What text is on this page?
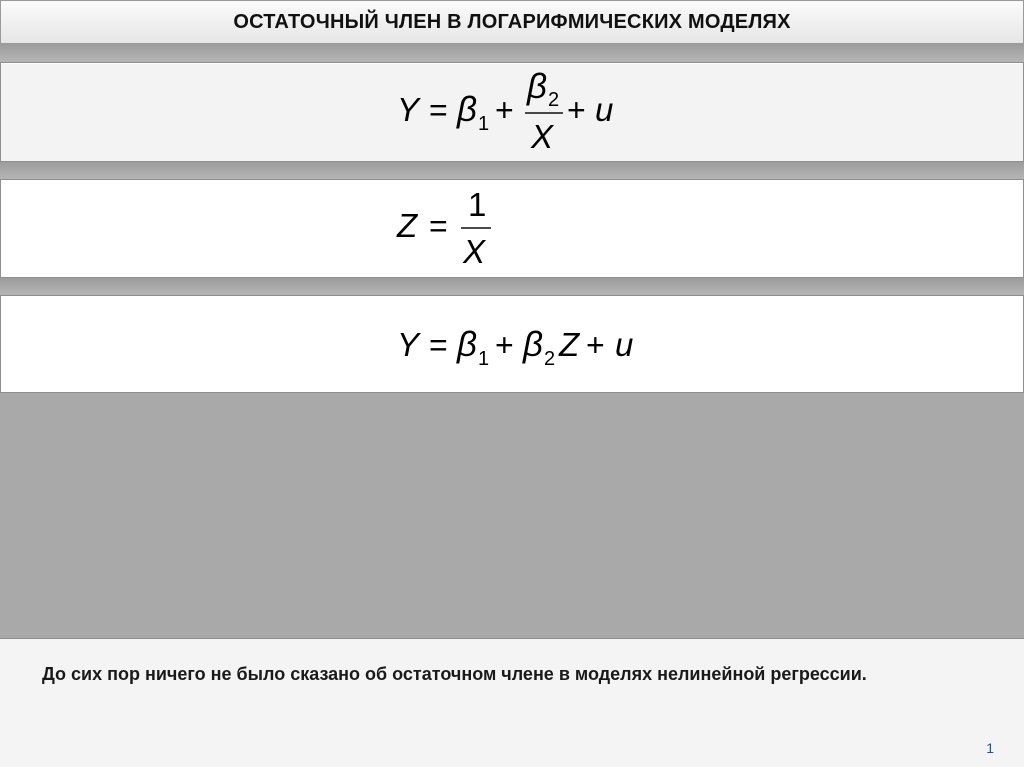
ОСТАТОЧНЫЙ ЧЛЕН В ЛОГАРИФМИЧЕСКИХ МОДЕЛЯХ
Y = β 1 +
β 2
X
+ u
Z =
1
X
Y = β 1 + β 2 Z + u
До сих пор ничего не было сказано об остаточном члене в моделях нелинейной регрессии.
1
